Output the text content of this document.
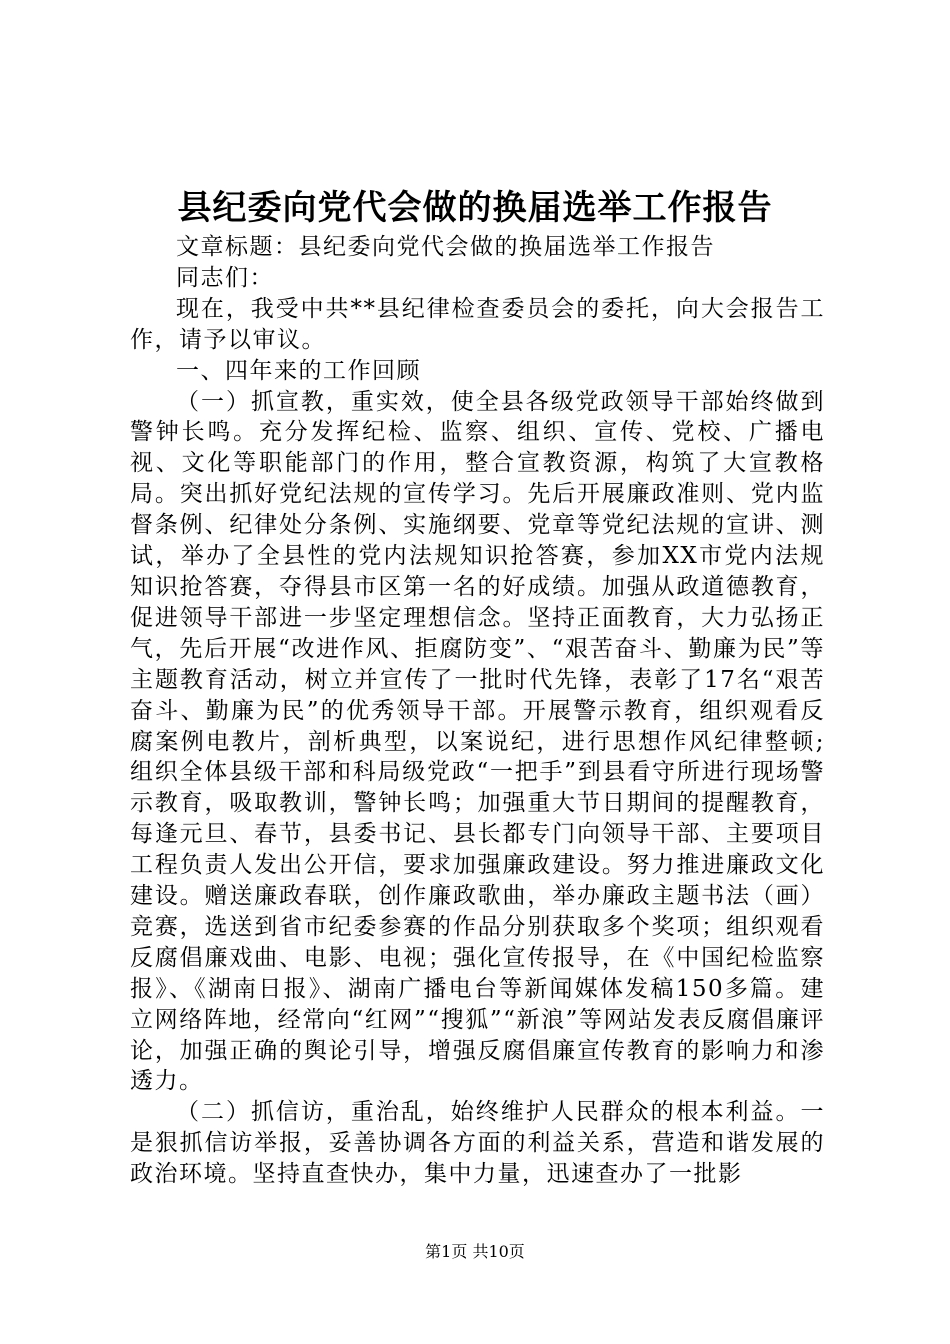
县纪委向党代会做的换届选举工作报告

文章标题：县纪委向党代会做的换届选举工作报告

同志们：

现在，我受中共**县纪律检查委员会的委托，向大会报告工作，请予以审议。

一、四年来的工作回顾

（一）抓宣教，重实效，使全县各级党政领导干部始终做到警钟长鸣。充分发挥纪检、监察、组织、宣传、党校、广播电视、文化等职能部门的作用，整合宣教资源，构筑了大宣教格局。突出抓好党纪法规的宣传学习。先后开展廉政准则、党内监督条例、纪律处分条例、实施纲要、党章等党纪法规的宣讲、测试，举办了全县性的党内法规知识抢答赛，参加XX市党内法规知识抢答赛，夺得县市区第一名的好成绩。加强从政道德教育，促进领导干部进一步坚定理想信念。坚持正面教育，大力弘扬正气，先后开展“改进作风、拒腐防变”、“艰苦奋斗、勤廉为民”等主题教育活动，树立并宣传了一批时代先锋，表彰了17名“艰苦奋斗、勤廉为民”的优秀领导干部。开展警示教育，组织观看反腐案例电教片，剖析典型，以案说纪，进行思想作风纪律整顿;组织全体县级干部和科局级党政“一把手”到县看守所进行现场警示教育，吸取教训，警钟长鸣；加强重大节日期间的提醒教育，每逢元旦、春节，县委书记、县长都专门向领导干部、主要项目工程负责人发出公开信，要求加强廉政建设。努力推进廉政文化建设。赠送廉政春联，创作廉政歌曲，举办廉政主题书法（画）竞赛，选送到省市纪委参赛的作品分别获取多个奖项；组织观看反腐倡廉戏曲、电影、电视；强化宣传报导，在《中国纪检监察报》、《湖南日报》、湖南广播电台等新闻媒体发稿150多篇。建立网络阵地，经常向“红网”“搜狐”“新浪”等网站发表反腐倡廉评论，加强正确的舆论引导，增强反腐倡廉宣传教育的影响力和渗透力。

（二）抓信访，重治乱，始终维护人民群众的根本利益。一是狠抓信访举报，妥善协调各方面的利益关系，营造和谐发展的政治环境。坚持直查快办，集中力量，迅速查办了一批影

第1页 共10页
